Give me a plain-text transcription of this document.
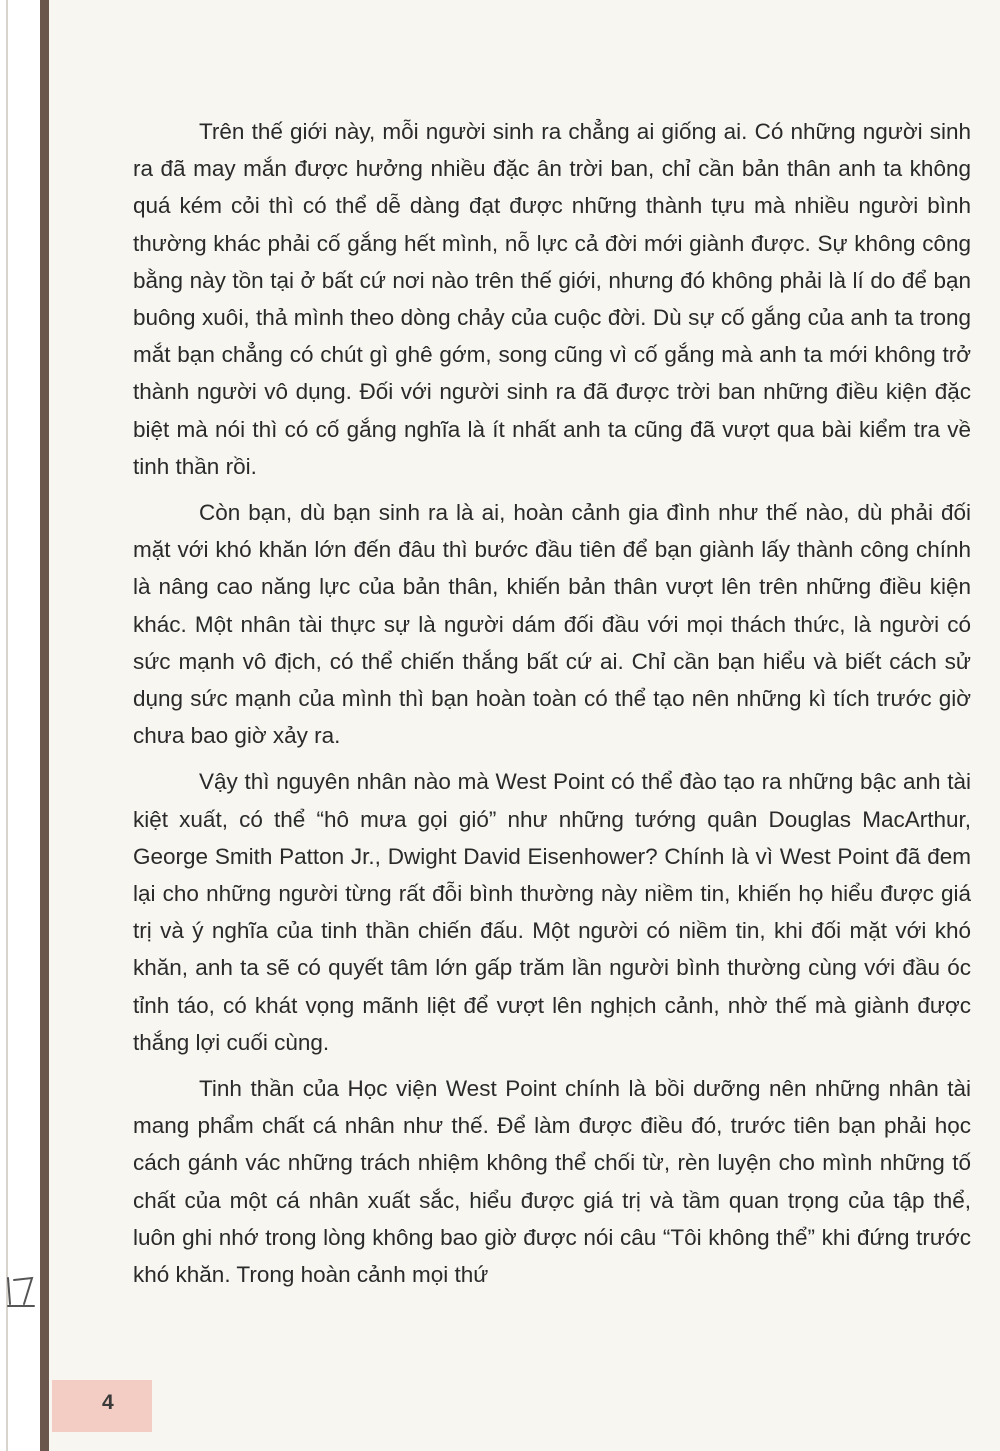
Trên thế giới này, mỗi người sinh ra chẳng ai giống ai. Có những người sinh ra đã may mắn được hưởng nhiều đặc ân trời ban, chỉ cần bản thân anh ta không quá kém cỏi thì có thể dễ dàng đạt được những thành tựu mà nhiều người bình thường khác phải cố gắng hết mình, nỗ lực cả đời mới giành được. Sự không công bằng này tồn tại ở bất cứ nơi nào trên thế giới, nhưng đó không phải là lí do để bạn buông xuôi, thả mình theo dòng chảy của cuộc đời. Dù sự cố gắng của anh ta trong mắt bạn chẳng có chút gì ghê gớm, song cũng vì cố gắng mà anh ta mới không trở thành người vô dụng. Đối với người sinh ra đã được trời ban những điều kiện đặc biệt mà nói thì có cố gắng nghĩa là ít nhất anh ta cũng đã vượt qua bài kiểm tra về tinh thần rồi.

Còn bạn, dù bạn sinh ra là ai, hoàn cảnh gia đình như thế nào, dù phải đối mặt với khó khăn lớn đến đâu thì bước đầu tiên để bạn giành lấy thành công chính là nâng cao năng lực của bản thân, khiến bản thân vượt lên trên những điều kiện khác. Một nhân tài thực sự là người dám đối đầu với mọi thách thức, là người có sức mạnh vô địch, có thể chiến thắng bất cứ ai. Chỉ cần bạn hiểu và biết cách sử dụng sức mạnh của mình thì bạn hoàn toàn có thể tạo nên những kì tích trước giờ chưa bao giờ xảy ra.

Vậy thì nguyên nhân nào mà West Point có thể đào tạo ra những bậc anh tài kiệt xuất, có thể “hô mưa gọi gió” như những tướng quân Douglas MacArthur, George Smith Patton Jr., Dwight David Eisenhower? Chính là vì West Point đã đem lại cho những người từng rất đỗi bình thường này niềm tin, khiến họ hiểu được giá trị và ý nghĩa của tinh thần chiến đấu. Một người có niềm tin, khi đối mặt với khó khăn, anh ta sẽ có quyết tâm lớn gấp trăm lần người bình thường cùng với đầu óc tỉnh táo, có khát vọng mãnh liệt để vượt lên nghịch cảnh, nhờ thế mà giành được thắng lợi cuối cùng.

Tinh thần của Học viện West Point chính là bồi dưỡng nên những nhân tài mang phẩm chất cá nhân như thế. Để làm được điều đó, trước tiên bạn phải học cách gánh vác những trách nhiệm không thể chối từ, rèn luyện cho mình những tố chất của một cá nhân xuất sắc, hiểu được giá trị và tầm quan trọng của tập thể, luôn ghi nhớ trong lòng không bao giờ được nói câu “Tôi không thể” khi đứng trước khó khăn. Trong hoàn cảnh mọi thứ

4
